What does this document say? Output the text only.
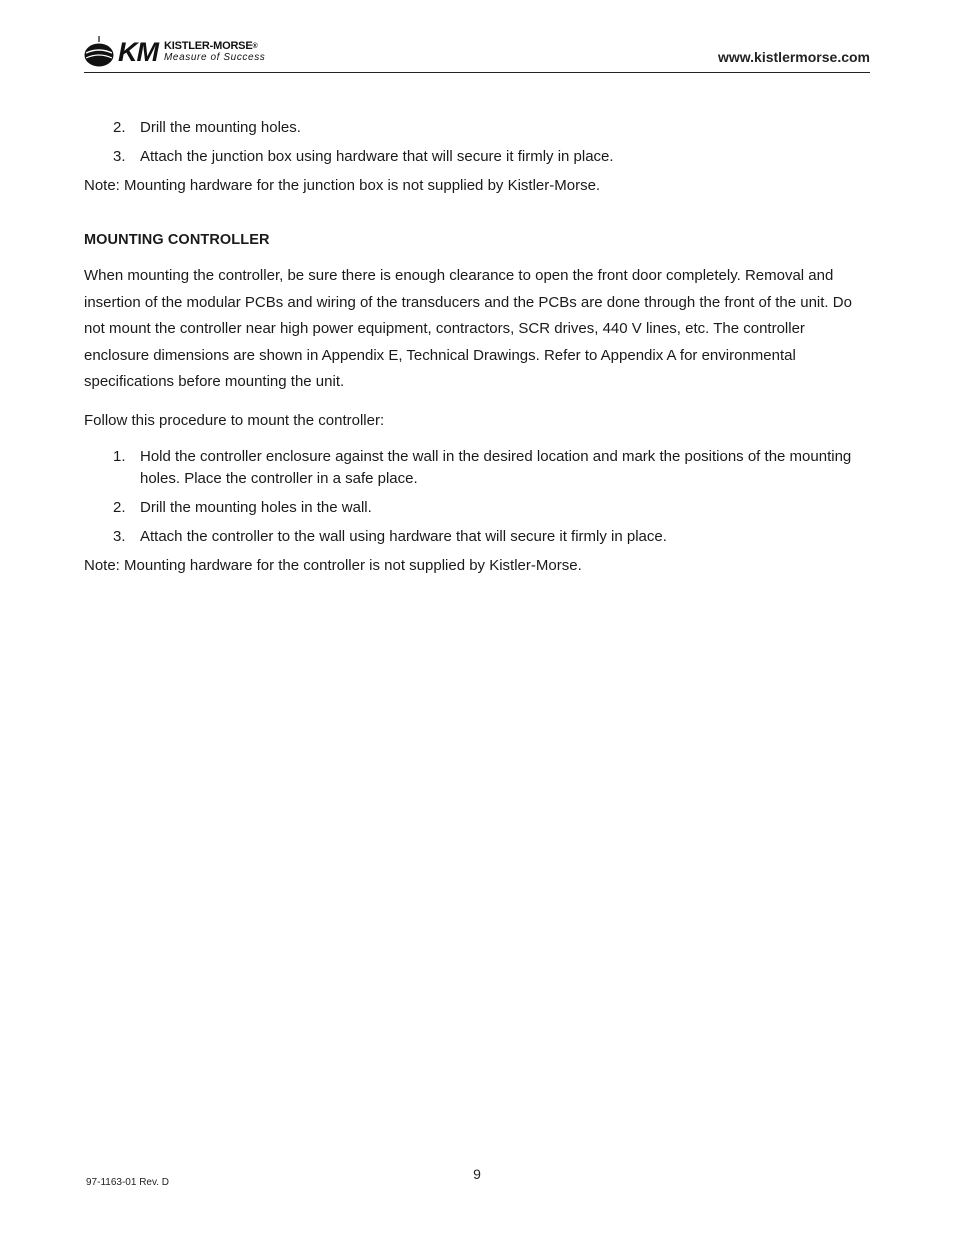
KM KISTLER-MORSE®
Measure of Success	www.kistlermorse.com
2. Drill the mounting holes.
3. Attach the junction box using hardware that will secure it firmly in place.

Note: Mounting hardware for the junction box is not supplied by Kistler-Morse.

MOUNTING CONTROLLER

When mounting the controller, be sure there is enough clearance to open the front door completely. Removal and insertion of the modular PCBs and wiring of the transducers and the PCBs are done through the front of the unit. Do not mount the controller near high power equipment, contractors, SCR drives, 440 V lines, etc. The controller enclosure dimensions are shown in Appendix E, Technical Drawings. Refer to Appendix A for environmental specifications before mounting the unit.

Follow this procedure to mount the controller:

1. Hold the controller enclosure against the wall in the desired location and mark the positions of the mounting holes. Place the controller in a safe place.
2. Drill the mounting holes in the wall.
3. Attach the controller to the wall using hardware that will secure it firmly in place.

Note: Mounting hardware for the controller is not supplied by Kistler-Morse.

9
97-1163-01 Rev. D
